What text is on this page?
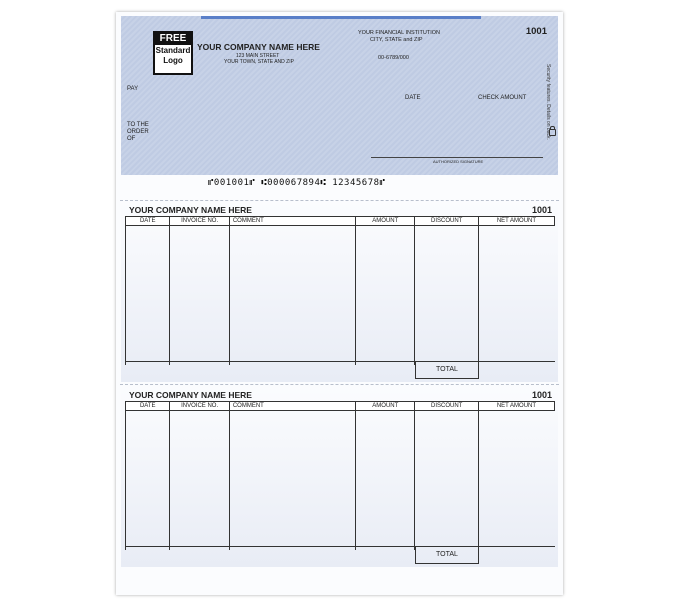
FREE
Standard
Logo
YOUR COMPANY NAME HERE
123 MAIN STREET
YOUR TOWN, STATE AND ZIP
YOUR FINANCIAL INSTITUTION
CITY, STATE and ZIP
00-6789/000
1001
PAY
TO THE
ORDER
OF
DATE	CHECK AMOUNT	Security features. Details on back.
AUTHORIZED SIGNATURE
⑈001001⑈ ⑆000067894⑆ 12345678⑈
YOUR COMPANY NAME HERE	1001
DATE	INVOICE NO.	COMMENT	AMOUNT	DISCOUNT	NET AMOUNT

TOTAL
YOUR COMPANY NAME HERE	1001
DATE	INVOICE NO.	COMMENT	AMOUNT	DISCOUNT	NET AMOUNT

TOTAL
